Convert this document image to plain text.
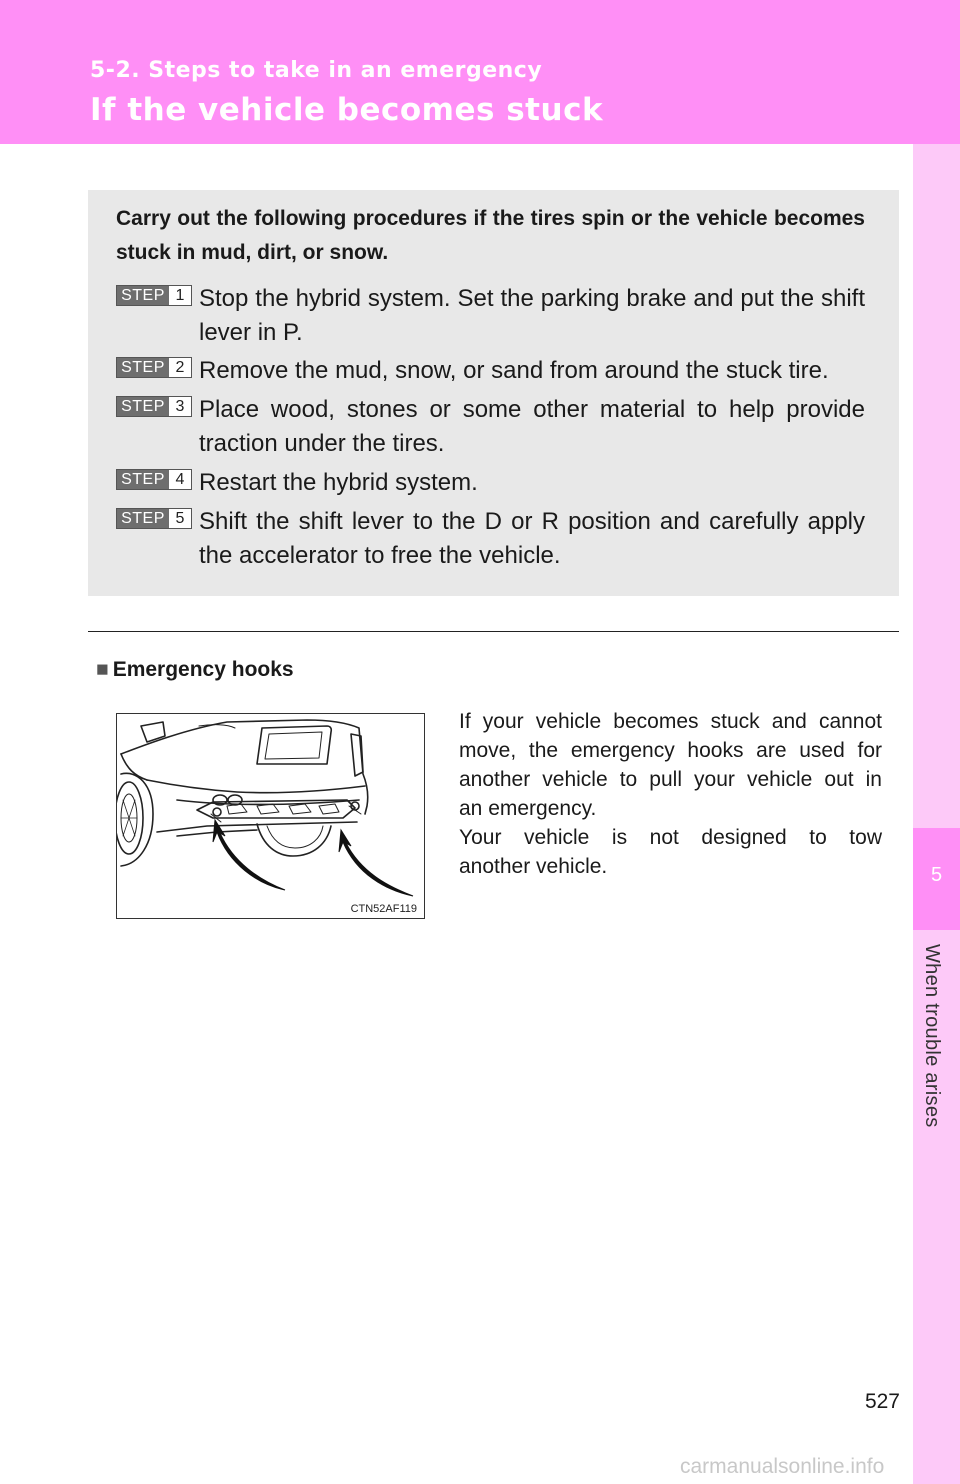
5-2. Steps to take in an emergency
If the vehicle becomes stuck
5
When trouble arises
Carry out the following procedures if the tires spin or the vehicle becomes stuck in mud, dirt, or snow.
STEP 1 Stop the hybrid system. Set the parking brake and put the shift lever in P.
STEP 2 Remove the mud, snow, or sand from around the stuck tire.
STEP 3 Place wood, stones or some other material to help provide traction under the tires.
STEP 4 Restart the hybrid system.
STEP 5 Shift the shift lever to the D or R position and carefully apply the accelerator to free the vehicle.
■ Emergency hooks
CTN52AF119

If your vehicle becomes stuck and cannot

move, the emergency hooks are used for

another vehicle to pull your vehicle out in

an emergency.

Your vehicle is not designed to tow

another vehicle.

527
carmanualsonline.info
